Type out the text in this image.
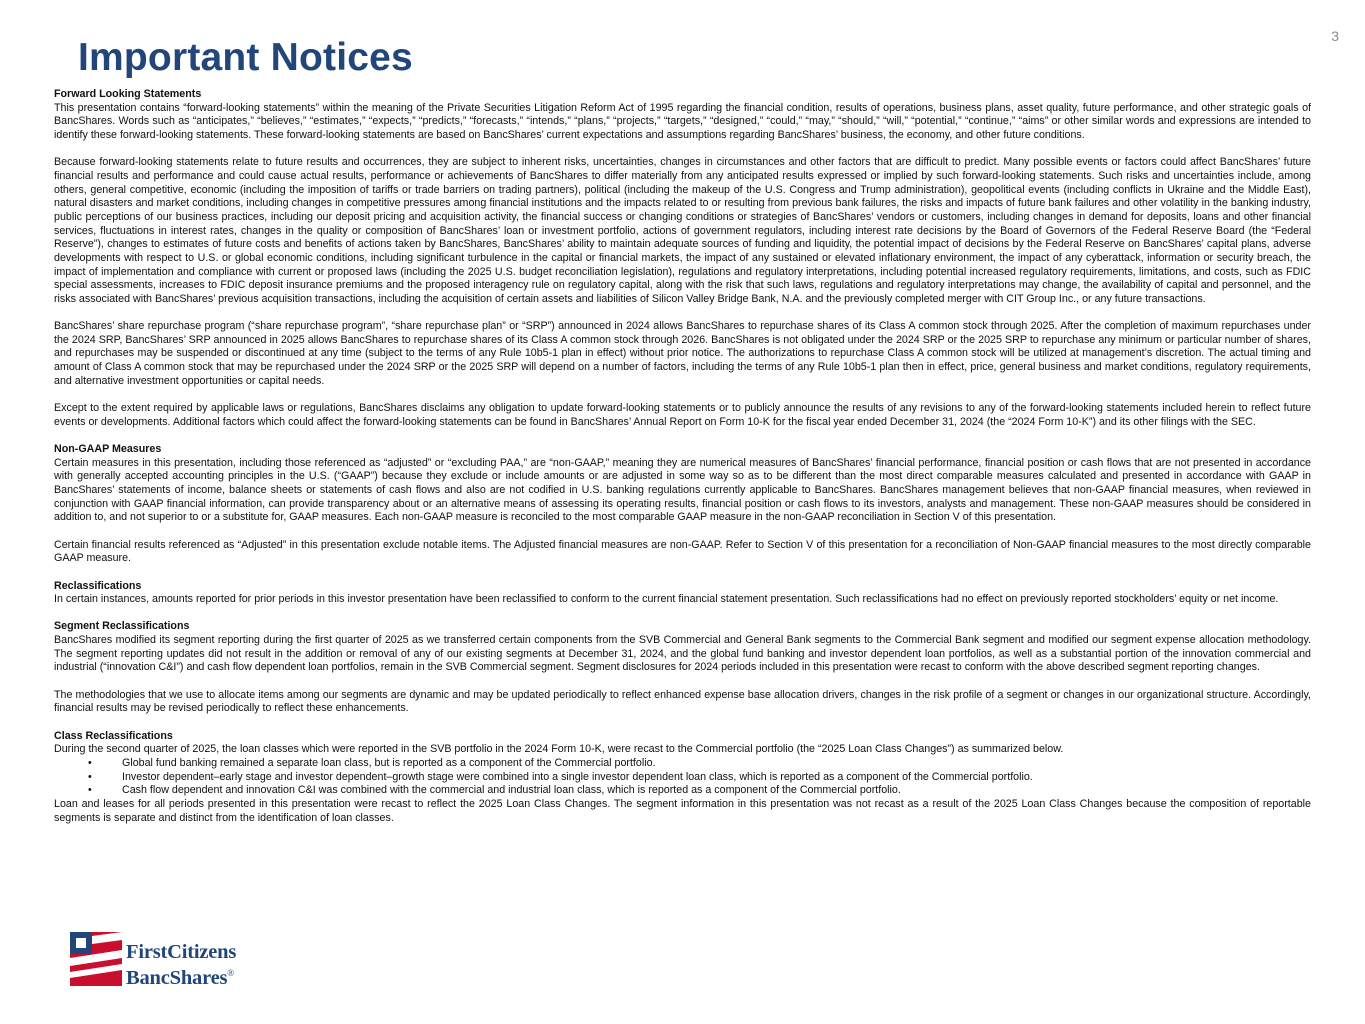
3
Important Notices

Forward Looking Statements

This presentation contains “forward-looking statements” within the meaning of the Private Securities Litigation Reform Act of 1995 regarding the financial condition, results of operations, business plans, asset quality, future performance, and other strategic goals of BancShares. Words such as “anticipates,” “believes,” “estimates,” “expects,” “predicts,” “forecasts,” “intends,” “plans,” “projects,” “targets,” “designed,” “could,” “may,” “should,” “will,” “potential,” “continue,” “aims” or other similar words and expressions are intended to identify these forward-looking statements. These forward-looking statements are based on BancShares’ current expectations and assumptions regarding BancShares’ business, the economy, and other future conditions.

Because forward-looking statements relate to future results and occurrences, they are subject to inherent risks, uncertainties, changes in circumstances and other factors that are difficult to predict. Many possible events or factors could affect BancShares’ future financial results and performance and could cause actual results, performance or achievements of BancShares to differ materially from any anticipated results expressed or implied by such forward-looking statements. Such risks and uncertainties include, among others, general competitive, economic (including the imposition of tariffs or trade barriers on trading partners), political (including the makeup of the U.S. Congress and Trump administration), geopolitical events (including conflicts in Ukraine and the Middle East), natural disasters and market conditions, including changes in competitive pressures among financial institutions and the impacts related to or resulting from previous bank failures, the risks and impacts of future bank failures and other volatility in the banking industry, public perceptions of our business practices, including our deposit pricing and acquisition activity, the financial success or changing conditions or strategies of BancShares’ vendors or customers, including changes in demand for deposits, loans and other financial services, fluctuations in interest rates, changes in the quality or composition of BancShares’ loan or investment portfolio, actions of government regulators, including interest rate decisions by the Board of Governors of the Federal Reserve Board (the “Federal Reserve”), changes to estimates of future costs and benefits of actions taken by BancShares, BancShares’ ability to maintain adequate sources of funding and liquidity, the potential impact of decisions by the Federal Reserve on BancShares’ capital plans, adverse developments with respect to U.S. or global economic conditions, including significant turbulence in the capital or financial markets, the impact of any sustained or elevated inflationary environment, the impact of any cyberattack, information or security breach, the impact of implementation and compliance with current or proposed laws (including the 2025 U.S. budget reconciliation legislation), regulations and regulatory interpretations, including potential increased regulatory requirements, limitations, and costs, such as FDIC special assessments, increases to FDIC deposit insurance premiums and the proposed interagency rule on regulatory capital, along with the risk that such laws, regulations and regulatory interpretations may change, the availability of capital and personnel, and the risks associated with BancShares’ previous acquisition transactions, including the acquisition of certain assets and liabilities of Silicon Valley Bridge Bank, N.A. and the previously completed merger with CIT Group Inc., or any future transactions.

BancShares’ share repurchase program (“share repurchase program”, “share repurchase plan” or “SRP”) announced in 2024 allows BancShares to repurchase shares of its Class A common stock through 2025. After the completion of maximum repurchases under the 2024 SRP, BancShares’ SRP announced in 2025 allows BancShares to repurchase shares of its Class A common stock through 2026. BancShares is not obligated under the 2024 SRP or the 2025 SRP to repurchase any minimum or particular number of shares, and repurchases may be suspended or discontinued at any time (subject to the terms of any Rule 10b5-1 plan in effect) without prior notice. The authorizations to repurchase Class A common stock will be utilized at management’s discretion. The actual timing and amount of Class A common stock that may be repurchased under the 2024 SRP or the 2025 SRP will depend on a number of factors, including the terms of any Rule 10b5-1 plan then in effect, price, general business and market conditions, regulatory requirements, and alternative investment opportunities or capital needs.

Except to the extent required by applicable laws or regulations, BancShares disclaims any obligation to update forward-looking statements or to publicly announce the results of any revisions to any of the forward-looking statements included herein to reflect future events or developments. Additional factors which could affect the forward-looking statements can be found in BancShares’ Annual Report on Form 10-K for the fiscal year ended December 31, 2024 (the “2024 Form 10-K”) and its other filings with the SEC.

Non-GAAP Measures

Certain measures in this presentation, including those referenced as “adjusted” or “excluding PAA,” are “non-GAAP,” meaning they are numerical measures of BancShares’ financial performance, financial position or cash flows that are not presented in accordance with generally accepted accounting principles in the U.S. (“GAAP”) because they exclude or include amounts or are adjusted in some way so as to be different than the most direct comparable measures calculated and presented in accordance with GAAP in BancShares’ statements of income, balance sheets or statements of cash flows and also are not codified in U.S. banking regulations currently applicable to BancShares. BancShares management believes that non-GAAP financial measures, when reviewed in conjunction with GAAP financial information, can provide transparency about or an alternative means of assessing its operating results, financial position or cash flows to its investors, analysts and management. These non-GAAP measures should be considered in addition to, and not superior to or a substitute for, GAAP measures. Each non-GAAP measure is reconciled to the most comparable GAAP measure in the non-GAAP reconciliation in Section V of this presentation.

Certain financial results referenced as “Adjusted” in this presentation exclude notable items. The Adjusted financial measures are non-GAAP. Refer to Section V of this presentation for a reconciliation of Non-GAAP financial measures to the most directly comparable GAAP measure.

Reclassifications

In certain instances, amounts reported for prior periods in this investor presentation have been reclassified to conform to the current financial statement presentation. Such reclassifications had no effect on previously reported stockholders’ equity or net income.

Segment Reclassifications

BancShares modified its segment reporting during the first quarter of 2025 as we transferred certain components from the SVB Commercial and General Bank segments to the Commercial Bank segment and modified our segment expense allocation methodology. The segment reporting updates did not result in the addition or removal of any of our existing segments at December 31, 2024, and the global fund banking and investor dependent loan portfolios, as well as a substantial portion of the innovation commercial and industrial (“innovation C&I”) and cash flow dependent loan portfolios, remain in the SVB Commercial segment. Segment disclosures for 2024 periods included in this presentation were recast to conform with the above described segment reporting changes.

The methodologies that we use to allocate items among our segments are dynamic and may be updated periodically to reflect enhanced expense base allocation drivers, changes in the risk profile of a segment or changes in our organizational structure. Accordingly, financial results may be revised periodically to reflect these enhancements.

Class Reclassifications

During the second quarter of 2025, the loan classes which were reported in the SVB portfolio in the 2024 Form 10-K, were recast to the Commercial portfolio (the “2025 Loan Class Changes”) as summarized below.

•	Global fund banking remained a separate loan class, but is reported as a component of the Commercial portfolio.
•	Investor dependent–early stage and investor dependent–growth stage were combined into a single investor dependent loan class, which is reported as a component of the Commercial portfolio.
•	Cash flow dependent and innovation C&I was combined with the commercial and industrial loan class, which is reported as a component of the Commercial portfolio.

Loan and leases for all periods presented in this presentation were recast to reflect the 2025 Loan Class Changes. The segment information in this presentation was not recast as a result of the 2025 Loan Class Changes because the composition of reportable segments is separate and distinct from the identification of loan classes.

FirstCitizens
BancShares®
